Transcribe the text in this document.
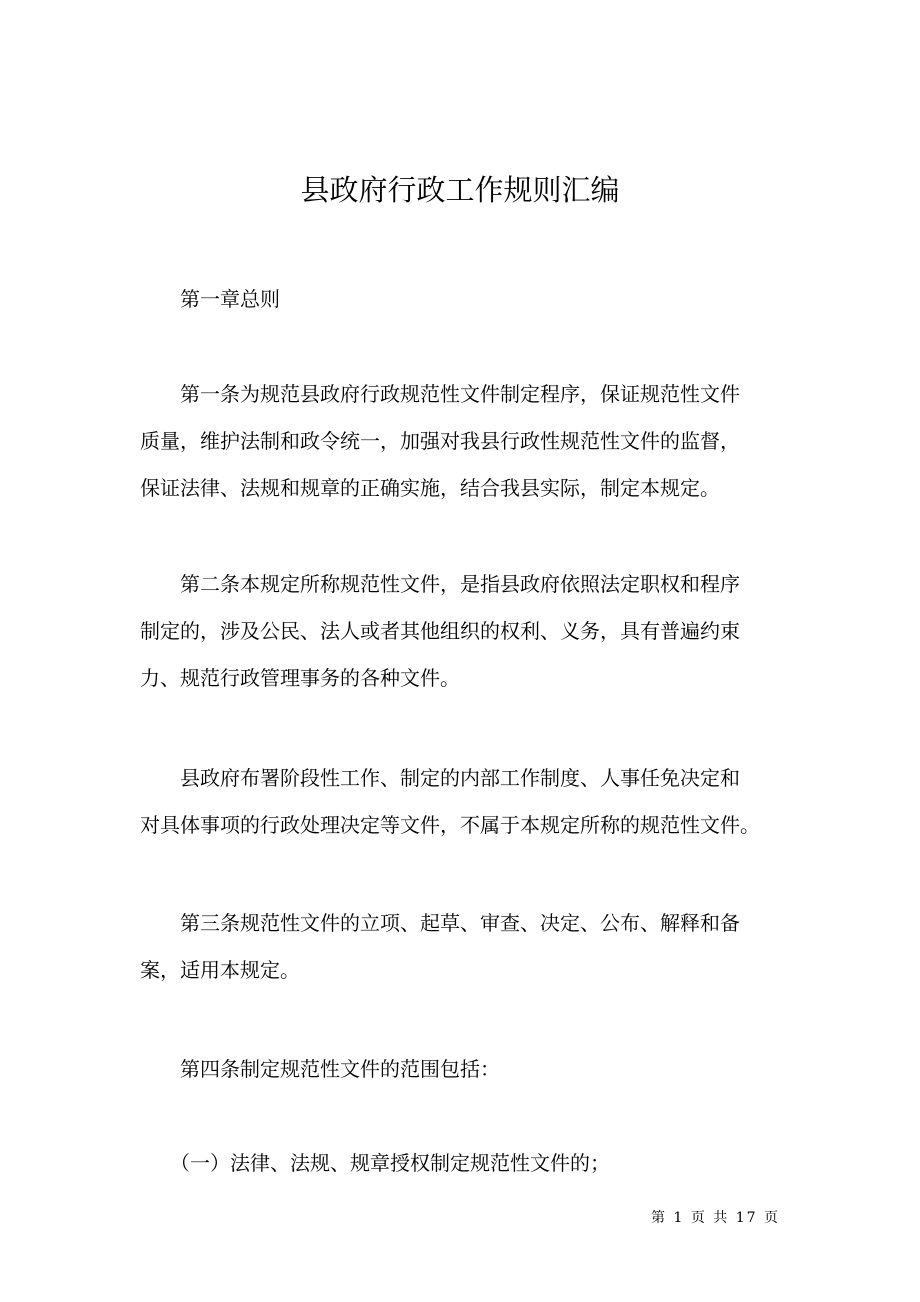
县政府行政工作规则汇编

第一章总则

第一条为规范县政府行政规范性文件制定程序，保证规范性文件
质量，维护法制和政令统一，加强对我县行政性规范性文件的监督，
保证法律、法规和规章的正确实施，结合我县实际，制定本规定。

第二条本规定所称规范性文件，是指县政府依照法定职权和程序
制定的，涉及公民、法人或者其他组织的权利、义务，具有普遍约束
力、规范行政管理事务的各种文件。

县政府布署阶段性工作、制定的内部工作制度、人事任免决定和
对具体事项的行政处理决定等文件，不属于本规定所称的规范性文件。

第三条规范性文件的立项、起草、审查、决定、公布、解释和备
案，适用本规定。

第四条制定规范性文件的范围包括：

（一）法律、法规、规章授权制定规范性文件的；

第 1 页 共 17 页
